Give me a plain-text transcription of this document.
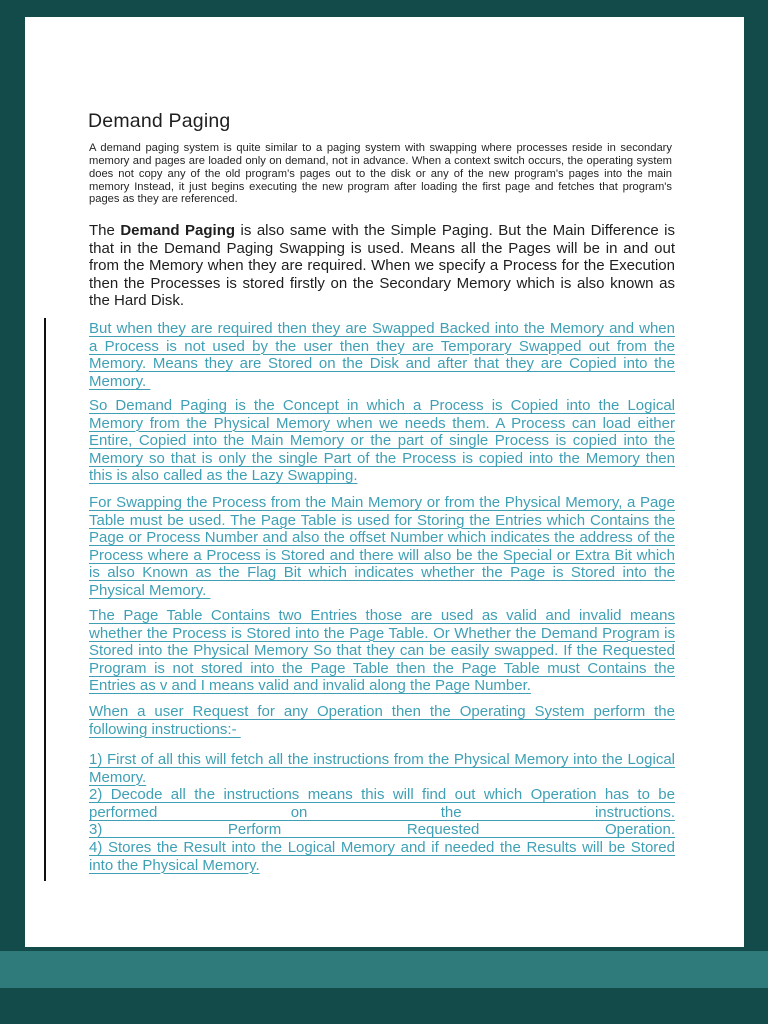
Demand Paging

A demand paging system is quite similar to a paging system with swapping where processes reside in secondary memory and pages are loaded only on demand, not in advance. When a context switch occurs, the operating system does not copy any of the old program's pages out to the disk or any of the new program's pages into the main memory Instead, it just begins executing the new program after loading the first page and fetches that program's pages as they are referenced.

The Demand Paging is also same with the Simple Paging. But the Main Difference is that in the Demand Paging Swapping is used. Means all the Pages will be in and out from the Memory when they are required. When we specify a Process for the Execution then the Processes is stored firstly on the Secondary Memory which is also known as the Hard Disk.

But when they are required then they are Swapped Backed into the Memory and when a Process is not used by the user then they are Temporary Swapped out from the Memory. Means they are Stored on the Disk and after that they are Copied into the Memory.

So Demand Paging is the Concept in which a Process is Copied into the Logical Memory from the Physical Memory when we needs them. A Process can load either Entire, Copied into the Main Memory or the part of single Process is copied into the Memory so that is only the single Part of the Process is copied into the Memory then this is also called as the Lazy Swapping.

For Swapping the Process from the Main Memory or from the Physical Memory, a Page Table must be used. The Page Table is used for Storing the Entries which Contains the Page or Process Number and also the offset Number which indicates the address of the Process where a Process is Stored and there will also be the Special or Extra Bit which is also Known as the Flag Bit which indicates whether the Page is Stored into the Physical Memory.

The Page Table Contains two Entries those are used as valid and invalid means whether the Process is Stored into the Page Table. Or Whether the Demand Program is Stored into the Physical Memory So that they can be easily swapped. If the Requested Program is not stored into the Page Table then the Page Table must Contains the Entries as v and I means valid and invalid along the Page Number.

When a user Request for any Operation then the Operating System perform the following instructions:-

1) First of all this will fetch all the instructions from the Physical Memory into the Logical
Memory.
2) Decode all the instructions means this will find out which Operation has to be
performed on the instructions.
3) Perform Requested Operation.
4) Stores the Result into the Logical Memory and if needed the Results will be Stored
into the Physical Memory.
